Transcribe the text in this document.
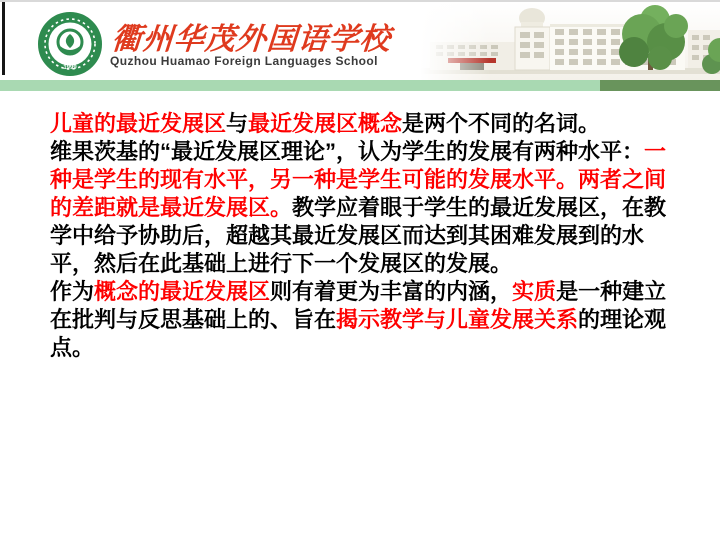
1999
衢州华茂外国语学校
Quzhou Huamao Foreign Languages School

儿童的最近发展区与最近发展区概念是两个不同的名词。

维果茨基的“最近发展区理论”，认为学生的发展有两种水平：一种是学生的现有水平，另一种是学生可能的发展水平。两者之间的差距就是最近发展区。教学应着眼于学生的最近发展区，在教学中给予协助后，超越其最近发展区而达到其困难发展到的水平，然后在此基础上进行下一个发展区的发展。

作为概念的最近发展区则有着更为丰富的内涵，实质是一种建立在批判与反思基础上的、旨在揭示教学与儿童发展关系的理论观点。
